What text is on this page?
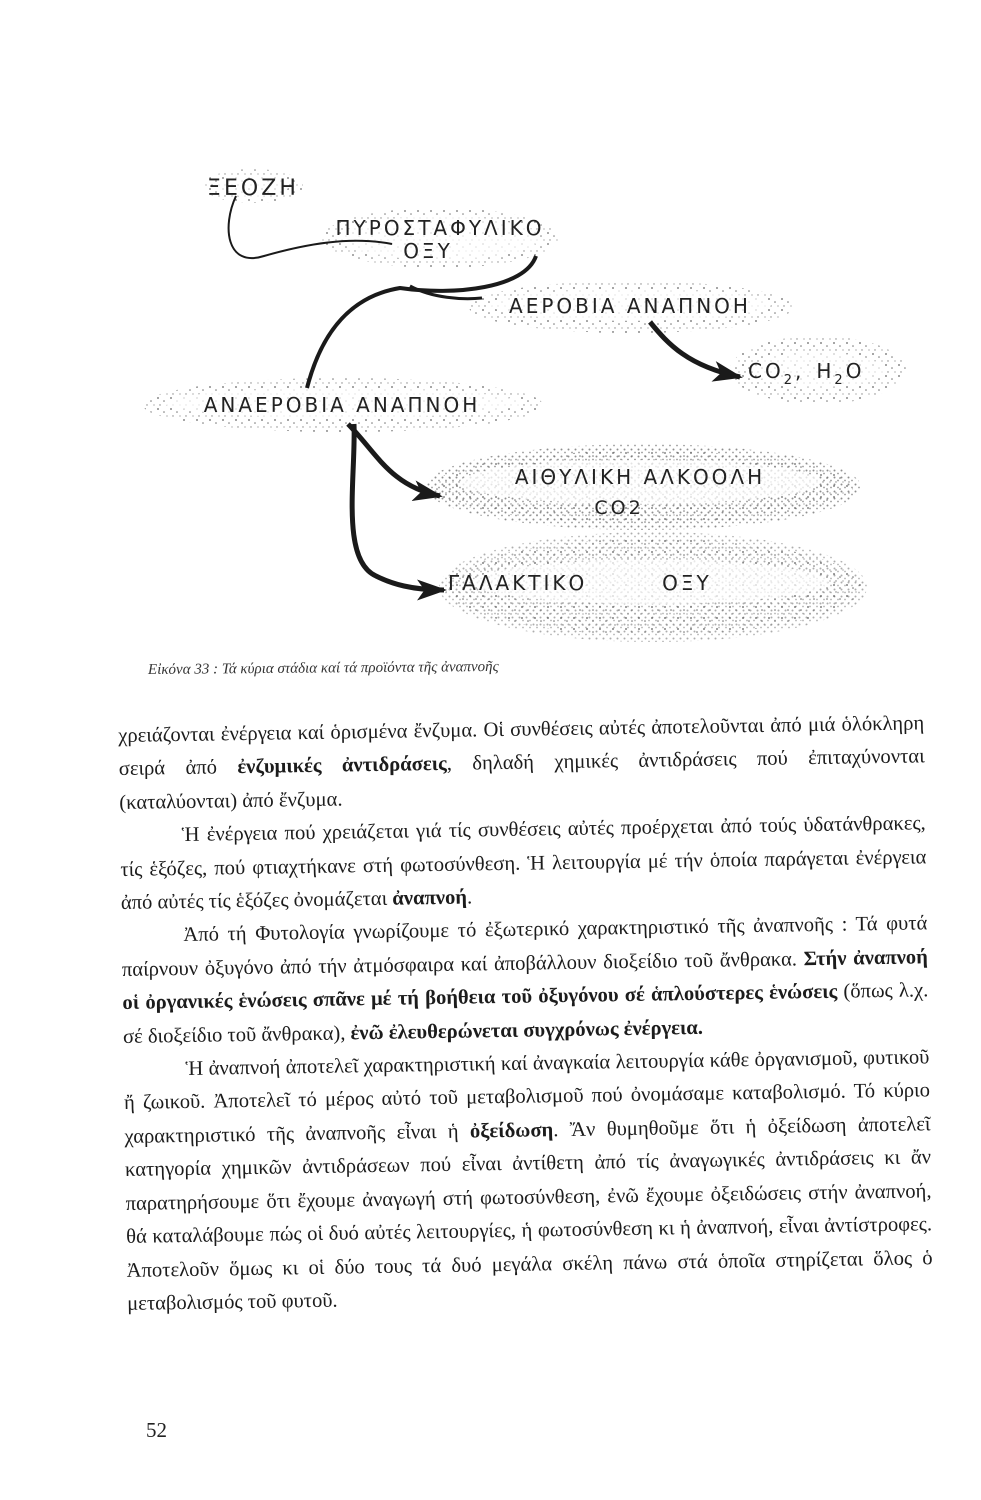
ΞΕΟΖΗ
ΠΥΡΟΣΤΑΦΥΛΙΚΟ
ΟΞΥ
ΑΕΡΟΒΙΑ ΑΝΑΠΝΟΗ
$CO_2$, $H_2O$
ΑΝΑΕΡΟΒΙΑ ΑΝΑΠΝΟΗ
ΑΙΘΥΛΙΚΗ ΑΛΚΟΟΛΗ
CO2
ΓΑΛΑΚΤΙΚΟ        ΟΞΥ
Εἰκόνα 33 : Τά κύρια στάδια καί τά προϊόντα τῆς ἀναπνοῆς

χρειάζονται ἐνέργεια καί ὁρισμένα ἔνζυμα. Οἱ συνθέσεις αὐτές ἀποτελοῦνται ἀπό μιά ὁλόκληρη σειρά ἀπό ἐνζυμικές ἀντιδράσεις, δηλαδή χημικές ἀντιδράσεις πού ἐπιταχύνονται (καταλύονται) ἀπό ἔνζυμα.

Ἡ ἐνέργεια πού χρειάζεται γιά τίς συνθέσεις αὐτές προέρχεται ἀπό τούς ὑδατάνθρακες, τίς ἑξόζες, πού φτιαχτήκανε στή φωτοσύνθεση. Ἡ λειτουργία μέ τήν ὁποία παράγεται ἐνέργεια ἀπό αὐτές τίς ἑξόζες ὀνομάζεται ἀναπνοή.

Ἀπό τή Φυτολογία γνωρίζουμε τό ἐξωτερικό χαρακτηριστικό τῆς ἀναπνοῆς : Τά φυτά παίρνουν ὀξυγόνο ἀπό τήν ἀτμόσφαιρα καί ἀποβάλλουν διοξείδιο τοῦ ἄνθρακα. Στήν ἀναπνοή οἱ ὀργανικές ἑνώσεις σπᾶνε μέ τή βοήθεια τοῦ ὀξυγόνου σέ ἁπλούστερες ἑνώσεις (ὅπως λ.χ. σέ διοξείδιο τοῦ ἄνθρακα), ἐνῶ ἐλευθερώνεται συγχρόνως ἐνέργεια.

Ἡ ἀναπνοή ἀποτελεῖ χαρακτηριστική καί ἀναγκαία λειτουργία κάθε ὀργανισμοῦ, φυτικοῦ ἤ ζωικοῦ. Ἀποτελεῖ τό μέρος αὐτό τοῦ μεταβολισμοῦ πού ὀνομάσαμε καταβολισμό. Τό κύριο χαρακτηριστικό τῆς ἀναπνοῆς εἶναι ἡ ὀξείδωση. Ἄν θυμηθοῦμε ὅτι ἡ ὀξείδωση ἀποτελεῖ κατηγορία χημικῶν ἀντιδράσεων πού εἶναι ἀντίθετη ἀπό τίς ἀναγωγικές ἀντιδράσεις κι ἄν παρατηρήσουμε ὅτι ἔχουμε ἀναγωγή στή φωτοσύνθεση, ἐνῶ ἔχουμε ὀξειδώσεις στήν ἀναπνοή, θά καταλάβουμε πώς οἱ δυό αὐτές λειτουργίες, ἡ φωτοσύνθεση κι ἡ ἀναπνοή, εἶναι ἀντίστροφες. Ἀποτελοῦν ὅμως κι οἱ δύο τους τά δυό μεγάλα σκέλη πάνω στά ὁποῖα στηρίζεται ὅλος ὁ μεταβολισμός τοῦ φυτοῦ.

52
